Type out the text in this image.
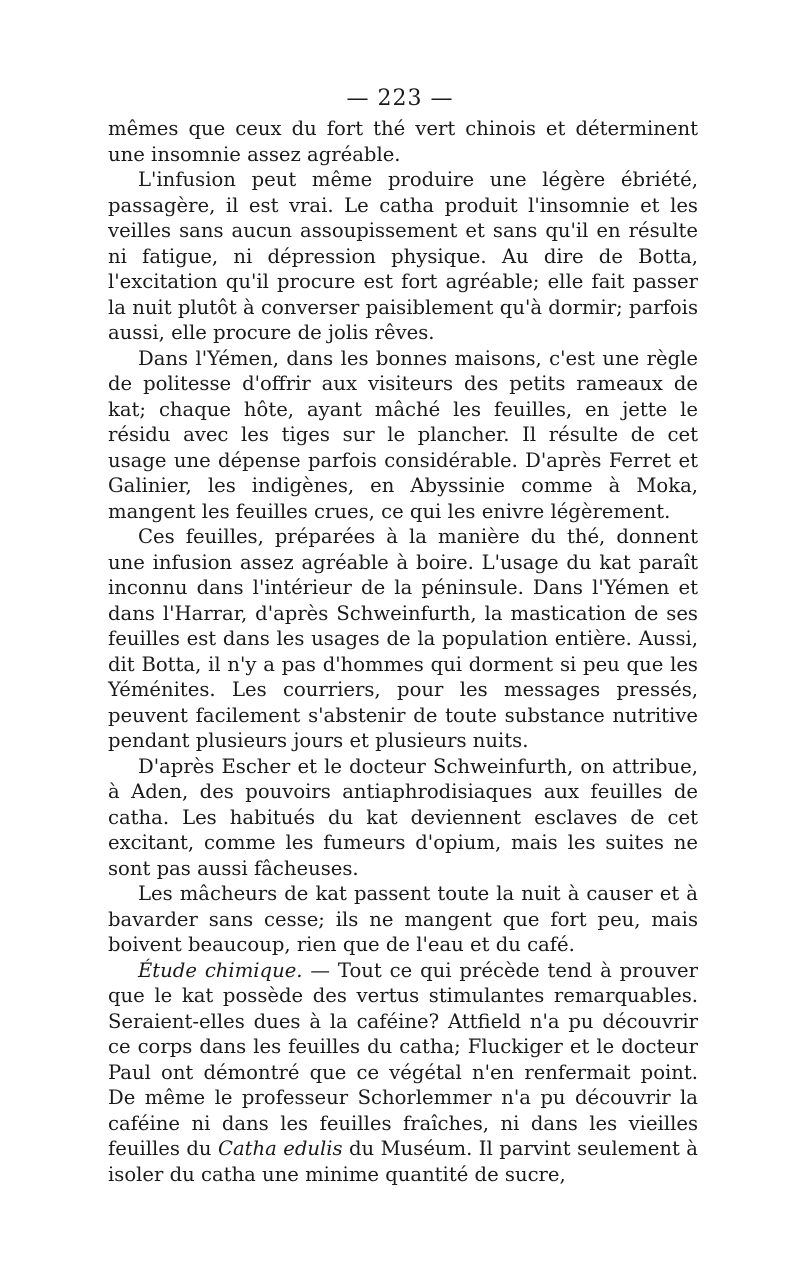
— 223 —

mêmes que ceux du fort thé vert chinois et déterminent une insomnie assez agréable.

L'infusion peut même produire une légère ébriété, passagère, il est vrai. Le catha produit l'insomnie et les veilles sans aucun assoupissement et sans qu'il en résulte ni fatigue, ni dépression physique. Au dire de Botta, l'excitation qu'il procure est fort agréable; elle fait passer la nuit plutôt à converser paisiblement qu'à dormir; parfois aussi, elle procure de jolis rêves.

Dans l'Yémen, dans les bonnes maisons, c'est une règle de politesse d'offrir aux visiteurs des petits rameaux de kat; chaque hôte, ayant mâché les feuilles, en jette le résidu avec les tiges sur le plancher. Il résulte de cet usage une dépense parfois considérable. D'après Ferret et Galinier, les indigènes, en Abyssinie comme à Moka, mangent les feuilles crues, ce qui les enivre légèrement.

Ces feuilles, préparées à la manière du thé, donnent une infusion assez agréable à boire. L'usage du kat paraît inconnu dans l'intérieur de la péninsule. Dans l'Yémen et dans l'Harrar, d'après Schweinfurth, la mastication de ses feuilles est dans les usages de la population entière. Aussi, dit Botta, il n'y a pas d'hommes qui dorment si peu que les Yéménites. Les courriers, pour les messages pressés, peuvent facilement s'abstenir de toute substance nutritive pendant plusieurs jours et plusieurs nuits.

D'après Escher et le docteur Schweinfurth, on attribue, à Aden, des pouvoirs antiaphrodisiaques aux feuilles de catha. Les habitués du kat deviennent esclaves de cet excitant, comme les fumeurs d'opium, mais les suites ne sont pas aussi fâcheuses.

Les mâcheurs de kat passent toute la nuit à causer et à bavarder sans cesse; ils ne mangent que fort peu, mais boivent beaucoup, rien que de l'eau et du café.

Étude chimique. — Tout ce qui précède tend à prouver que le kat possède des vertus stimulantes remarquables. Seraient-elles dues à la caféine? Attfield n'a pu découvrir ce corps dans les feuilles du catha; Fluckiger et le docteur Paul ont démontré que ce végétal n'en renfermait point. De même le professeur Schorlemmer n'a pu découvrir la caféine ni dans les feuilles fraîches, ni dans les vieilles feuilles du Catha edulis du Muséum. Il parvint seulement à isoler du catha une minime quantité de sucre,
